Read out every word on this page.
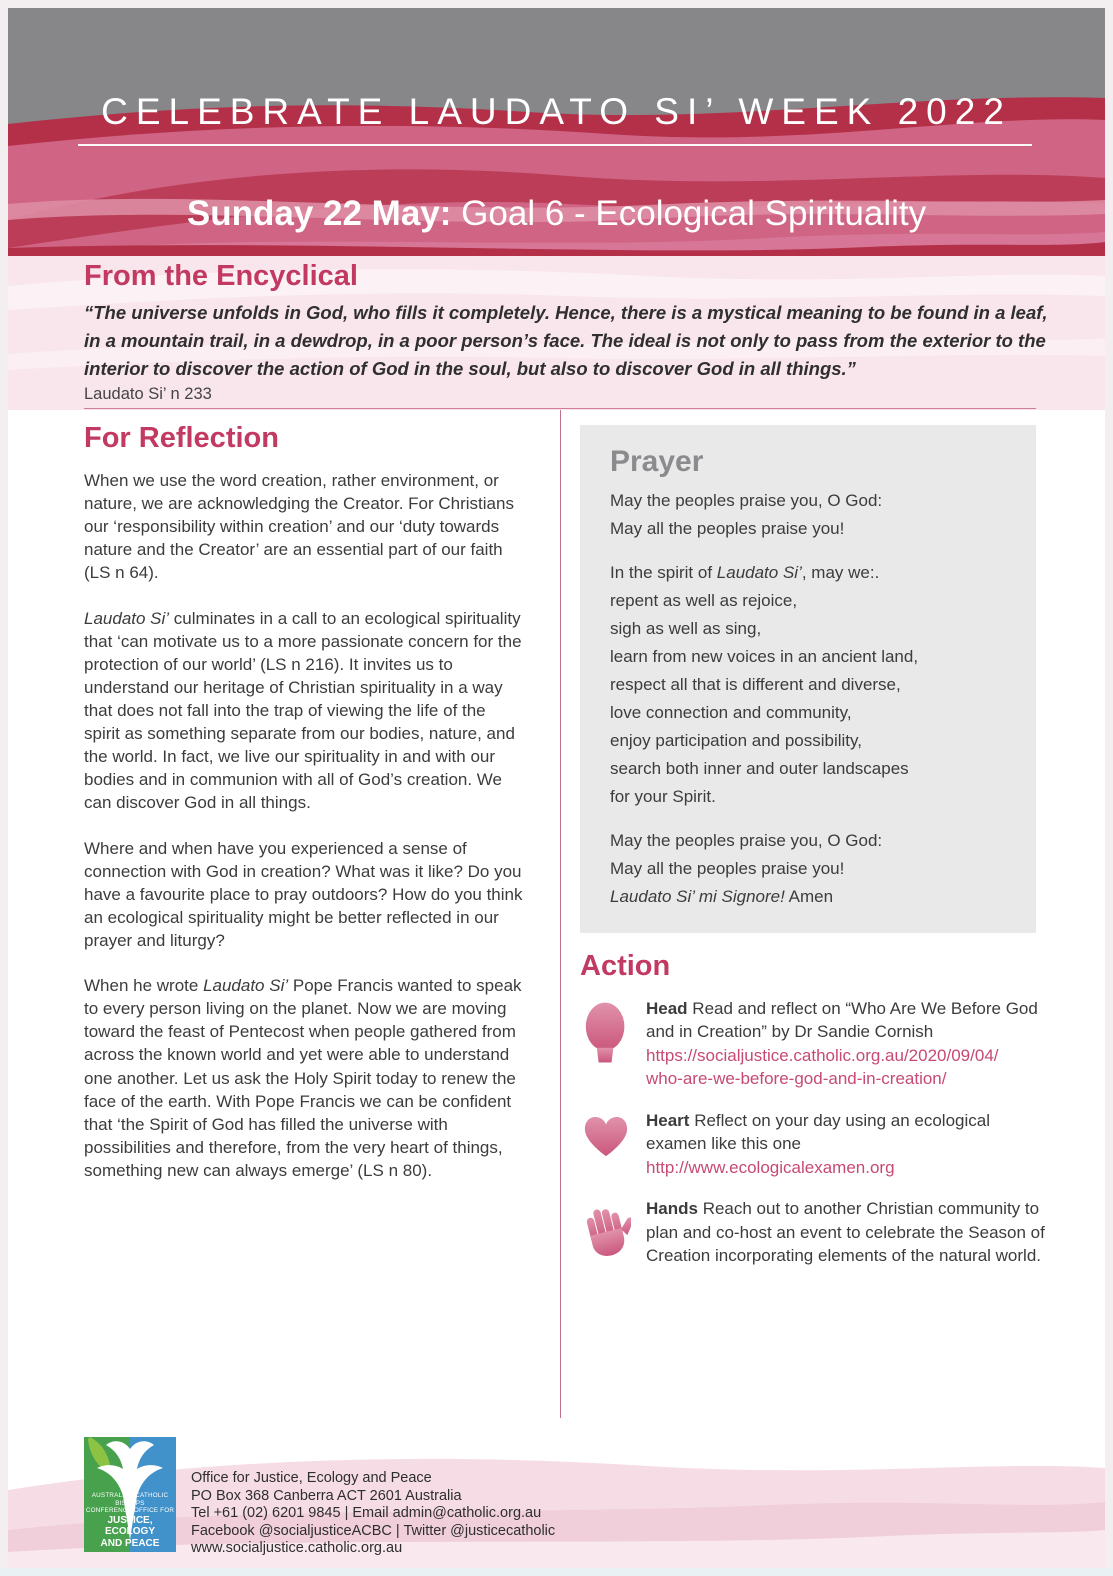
CELEBRATE LAUDATO SI’ WEEK 2022
Sunday 22 May: Goal 6 - Ecological Spirituality
From the Encyclical

“The universe unfolds in God, who fills it completely. Hence, there is a mystical meaning to be found in a leaf, in a mountain trail, in a dewdrop, in a poor person’s face. The ideal is not only to pass from the exterior to the interior to discover the action of God in the soul, but also to discover God in all things.”

Laudato Si’ n 233

For Reflection

When we use the word creation, rather environment, or nature, we are acknowledging the Creator. For Christians our ‘responsibility within creation’ and our ‘duty towards nature and the Creator’ are an essential part of our faith (LS n 64).

Laudato Si’ culminates in a call to an ecological spirituality that ‘can motivate us to a more passionate concern for the protection of our world’ (LS n 216). It invites us to understand our heritage of Christian spirituality in a way that does not fall into the trap of viewing the life of the spirit as something separate from our bodies, nature, and the world. In fact, we live our spirituality in and with our bodies and in communion with all of God’s creation. We can discover God in all things.

Where and when have you experienced a sense of connection with God in creation? What was it like? Do you have a favourite place to pray outdoors? How do you think an ecological spirituality might be better reflected in our prayer and liturgy?

When he wrote Laudato Si’ Pope Francis wanted to speak to every person living on the planet. Now we are moving toward the feast of Pentecost when people gathered from across the known world and yet were able to understand one another. Let us ask the Holy Spirit today to renew the face of the earth. With Pope Francis we can be confident that ‘the Spirit of God has filled the universe with possibilities and therefore, from the very heart of things, something new can always emerge’ (LS n 80).

Prayer
May the peoples praise you, O God:
May all the peoples praise you!
In the spirit of Laudato Si’, may we:.
repent as well as rejoice,
sigh as well as sing,
learn from new voices in an ancient land,
respect all that is different and diverse,
love connection and community,
enjoy participation and possibility,
search both inner and outer landscapes
for your Spirit.
May the peoples praise you, O God:
May all the peoples praise you!
Laudato Si’ mi Signore! Amen
Action
Head Read and reflect on “Who Are We Before God and in Creation” by Dr Sandie Cornish
https://socialjustice.catholic.org.au/2020/09/04/
who-are-we-before-god-and-in-creation/
Heart Reflect on your day using an ecological examen like this one
http://www.ecologicalexamen.org
Hands Reach out to another Christian community to plan and co-host an event to celebrate the Season of Creation incorporating elements of the natural world.
AUSTRALIAN CATHOLIC BISHOPS
CONFERENCE OFFICE FOR
JUSTICE, ECOLOGY
AND PEACE
Office for Justice, Ecology and Peace
PO Box 368 Canberra ACT 2601 Australia
Tel +61 (02) 6201 9845 | Email admin@catholic.org.au
Facebook @socialjusticeACBC | Twitter @justicecatholic
www.socialjustice.catholic.org.au
